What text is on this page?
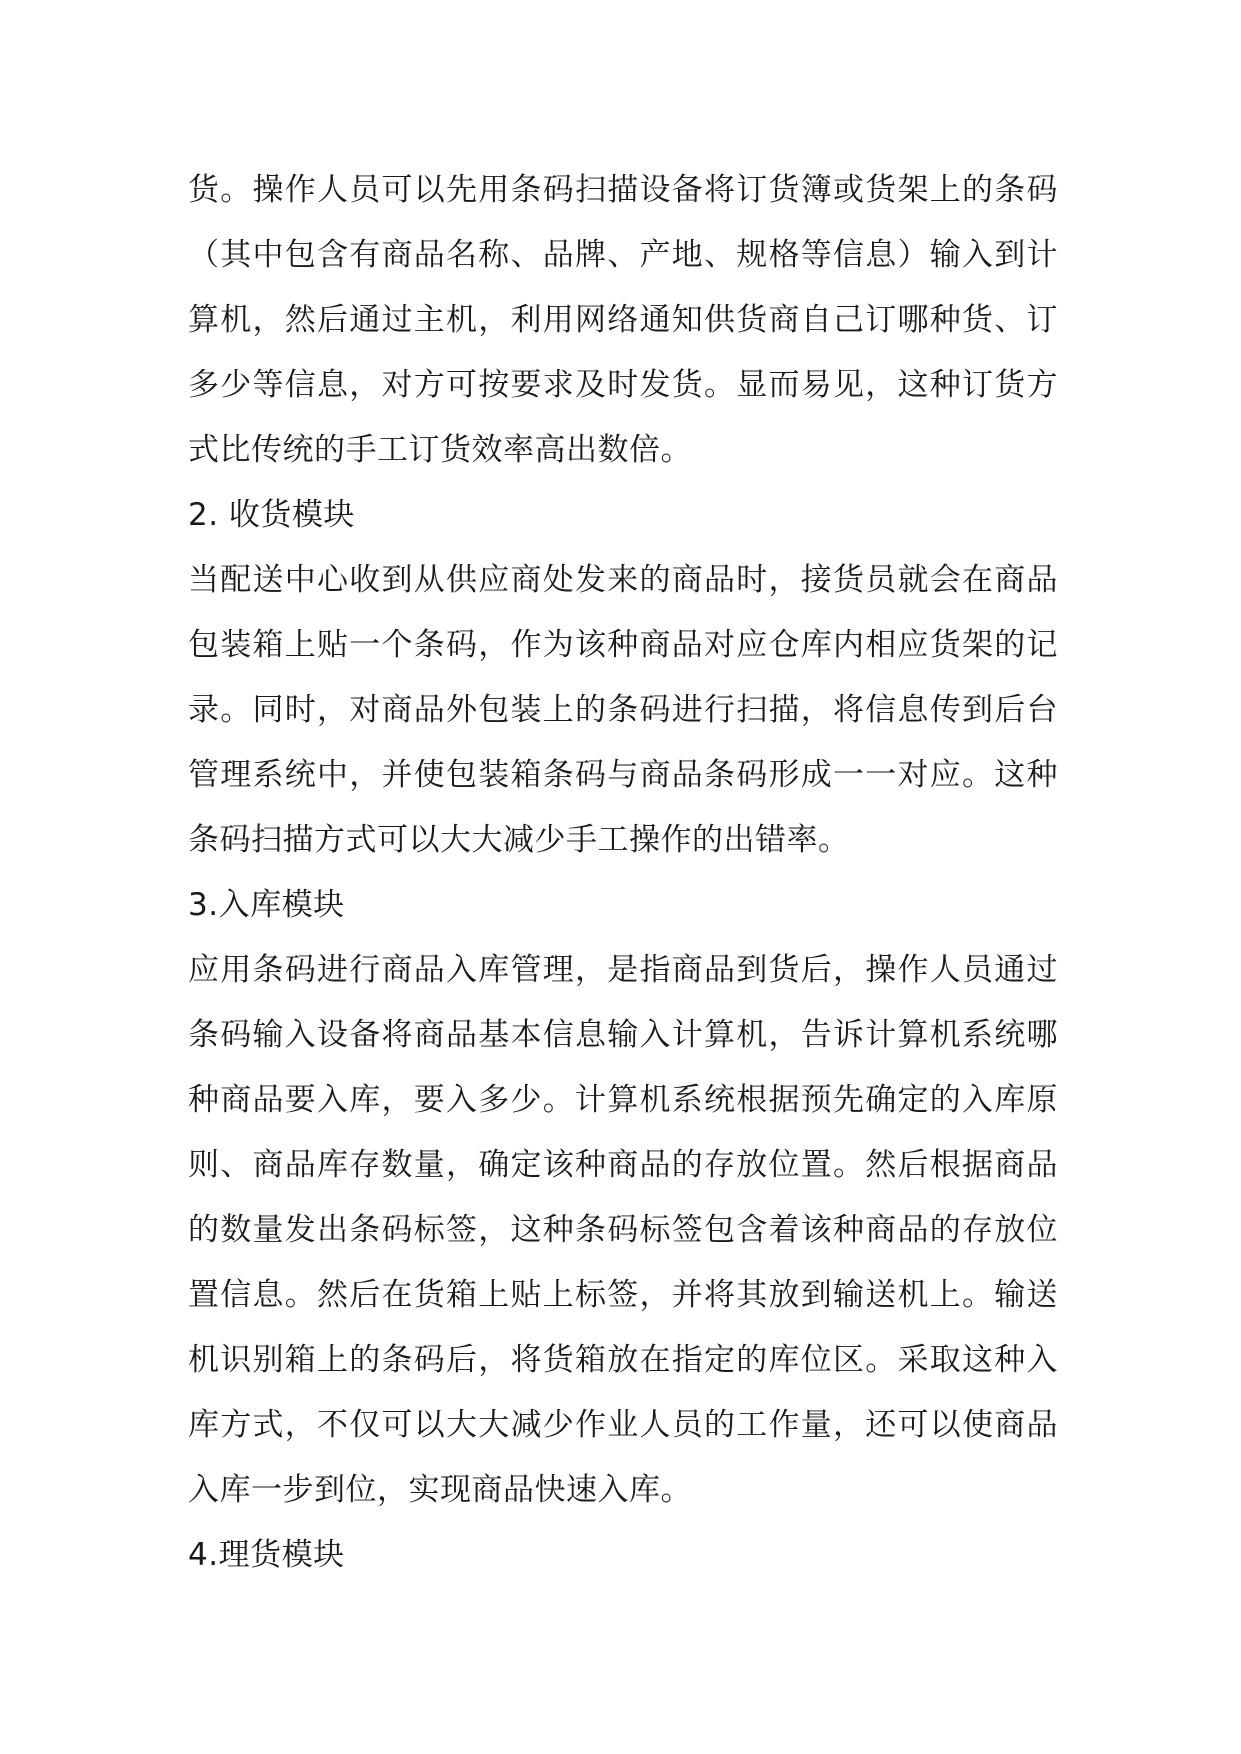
货。操作人员可以先用条码扫描设备将订货簿或货架上的条码（其中包含有商品名称、品牌、产地、规格等信息）输入到计算机，然后通过主机，利用网络通知供货商自己订哪种货、订多少等信息，对方可按要求及时发货。显而易见，这种订货方式比传统的手工订货效率高出数倍。

2. 收货模块

当配送中心收到从供应商处发来的商品时，接货员就会在商品包装箱上贴一个条码，作为该种商品对应仓库内相应货架的记录。同时，对商品外包装上的条码进行扫描，将信息传到后台管理系统中，并使包装箱条码与商品条码形成一一对应。这种条码扫描方式可以大大减少手工操作的出错率。

3.入库模块

应用条码进行商品入库管理，是指商品到货后，操作人员通过条码输入设备将商品基本信息输入计算机，告诉计算机系统哪种商品要入库，要入多少。计算机系统根据预先确定的入库原则、商品库存数量，确定该种商品的存放位置。然后根据商品的数量发出条码标签，这种条码标签包含着该种商品的存放位置信息。然后在货箱上贴上标签，并将其放到输送机上。输送机识别箱上的条码后，将货箱放在指定的库位区。采取这种入库方式，不仅可以大大减少作业人员的工作量，还可以使商品入库一步到位，实现商品快速入库。

4.理货模块
